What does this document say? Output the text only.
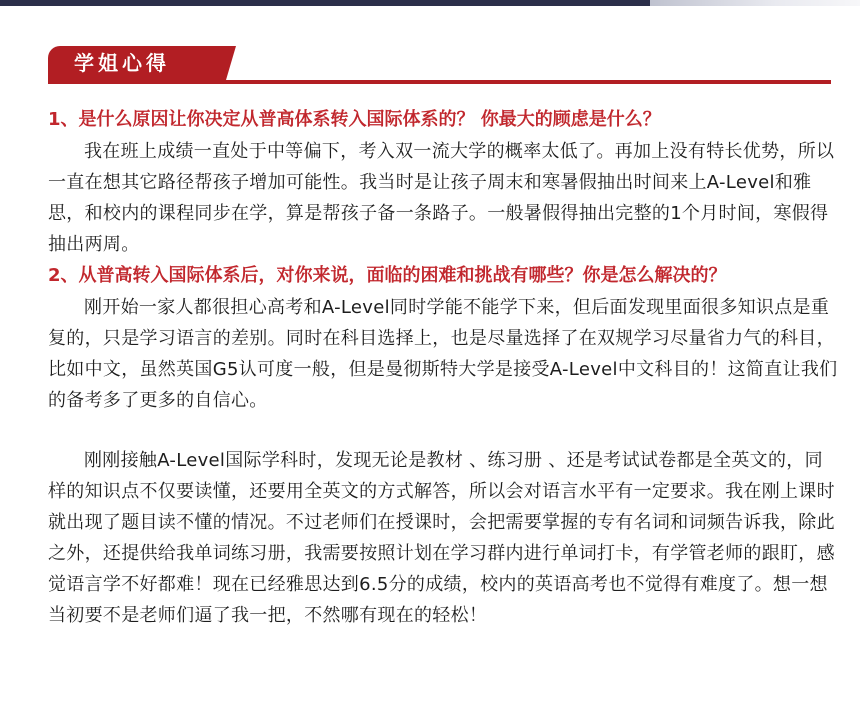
学姐心得

1、是什么原因让你决定从普高体系转入国际体系的？ 你最大的顾虑是什么？

我在班上成绩一直处于中等偏下，考入双一流大学的概率太低了。再加上没有特长优势，所以一直在想其它路径帮孩子增加可能性。我当时是让孩子周末和寒暑假抽出时间来上A-Level和雅思，和校内的课程同步在学，算是帮孩子备一条路子。一般暑假得抽出完整的1个月时间，寒假得抽出两周。

2、从普高转入国际体系后，对你来说，面临的困难和挑战有哪些？你是怎么解决的？

刚开始一家人都很担心高考和A-Level同时学能不能学下来，但后面发现里面很多知识点是重复的，只是学习语言的差别。同时在科目选择上，也是尽量选择了在双规学习尽量省力气的科目，比如中文，虽然英国G5认可度一般，但是曼彻斯特大学是接受A-Level中文科目的！这简直让我们的备考多了更多的自信心。

刚刚接触A-Level国际学科时，发现无论是教材 、练习册 、还是考试试卷都是全英文的，同样的知识点不仅要读懂，还要用全英文的方式解答，所以会对语言水平有一定要求。我在刚上课时就出现了题目读不懂的情况。不过老师们在授课时，会把需要掌握的专有名词和词频告诉我，除此之外，还提供给我单词练习册，我需要按照计划在学习群内进行单词打卡，有学管老师的跟盯，感觉语言学不好都难！现在已经雅思达到6.5分的成绩，校内的英语高考也不觉得有难度了。想一想当初要不是老师们逼了我一把，不然哪有现在的轻松！
